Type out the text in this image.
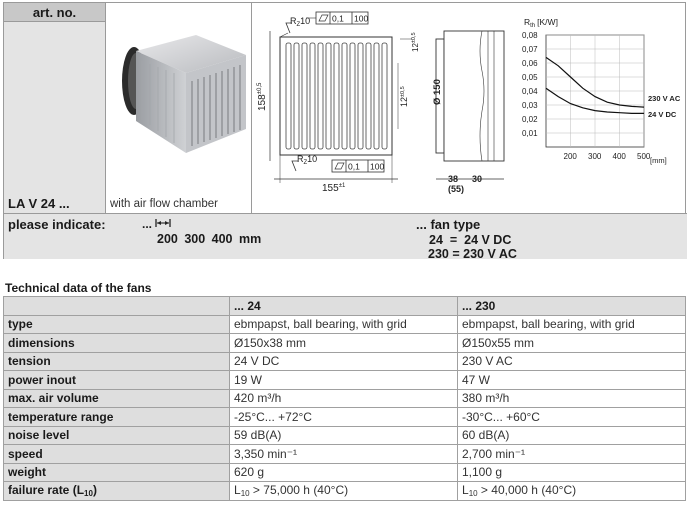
art. no.
LA V 24 ...	with air flow chamber
$R_Z10$	0,1 100
$R_Z10$
0,1 100
$155^{\pm 1}$
$158^{\pm 0,5}$
$12^{\pm 0,5}$
$12^{\pm 0,5}$	Ø 150
38
(55)
30
$R_{th}$ [K/W]
0,08
0,07
0,06
0,05
0,04
0,03
0,02
0,01
200 300 400 500 [mm]
230 V AC
24 V DC
please indicate:	...
200 300 400 mm
... fan type
24 = 24 V DC
230 = 230 V AC
Technical data of the fans
	... 24	... 230
type	ebmpapst, ball bearing, with grid	ebmpapst, ball bearing, with grid
dimensions	Ø150x38 mm	Ø150x55 mm
tension	24 V DC	230 V AC
power inout	19 W	47 W
max. air volume	420 m³/h	380 m³/h
temperature range	-25°C... +72°C	-30°C... +60°C
noise level	59 dB(A)	60 dB(A)
speed	3,350 min⁻¹	2,700 min⁻¹
weight	620 g	1,100 g
failure rate $(L_{10})$	$L_{10} > 75,000$ h (40°C)	$L_{10} > 40,000$ h (40°C)
